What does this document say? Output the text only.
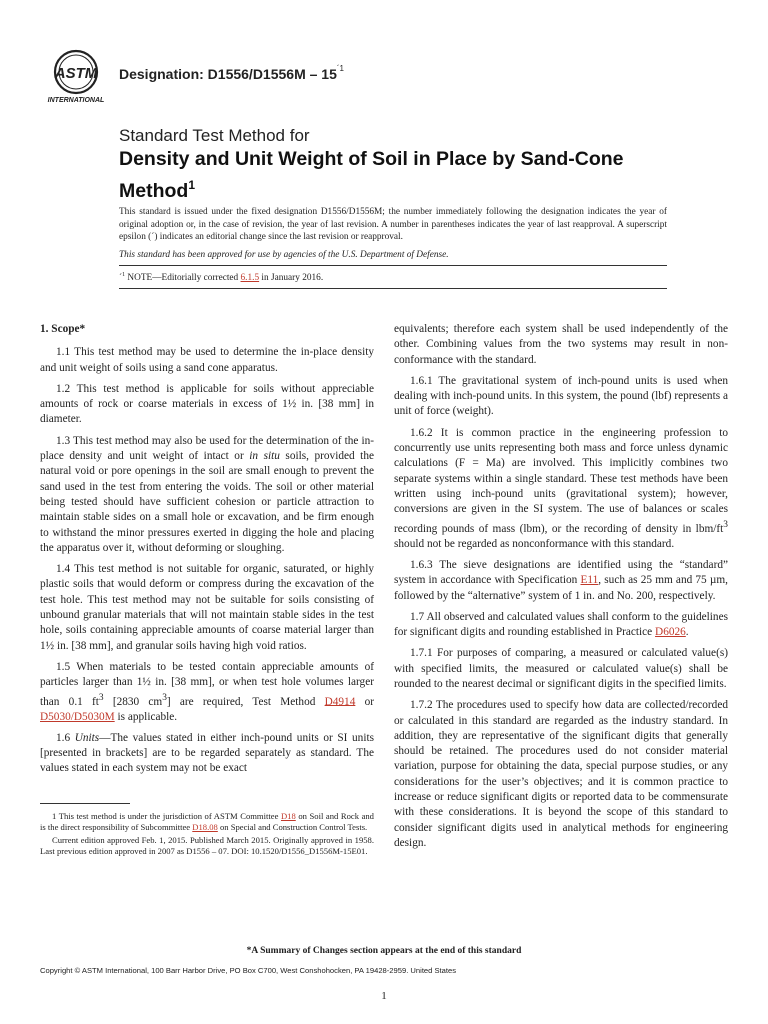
ASTM
INTERNATIONAL
Designation: $D1556/D1556M - 15^{´1}$
Standard Test Method for
Density and Unit Weight of Soil in Place by Sand-Cone Method$^1$
This standard is issued under the fixed designation D1556/D1556M; the number immediately following the designation indicates the year of original adoption or, in the case of revision, the year of last revision. A number in parentheses indicates the year of last reapproval. A superscript epsilon (´) indicates an editorial change since the last revision or reapproval.
This standard has been approved for use by agencies of the U.S. Department of Defense.
´$^1$ NOTE—Editorially corrected 6.1.5 in January 2016.

1. Scope*

1.1 This test method may be used to determine the in-place density and unit weight of soils using a sand cone apparatus.

1.2 This test method is applicable for soils without appreciable amounts of rock or coarse materials in excess of 1½ in. [38 mm] in diameter.

1.3 This test method may also be used for the determination of the in-place density and unit weight of intact or in situ soils, provided the natural void or pore openings in the soil are small enough to prevent the sand used in the test from entering the voids. The soil or other material being tested should have sufficient cohesion or particle attraction to maintain stable sides on a small hole or excavation, and be firm enough to withstand the minor pressures exerted in digging the hole and placing the apparatus over it, without deforming or sloughing.

1.4 This test method is not suitable for organic, saturated, or highly plastic soils that would deform or compress during the excavation of the test hole. This test method may not be suitable for soils consisting of unbound granular materials that will not maintain stable sides in the test hole, soils containing appreciable amounts of coarse material larger than 1½ in. [38 mm], and granular soils having high void ratios.

1.5 When materials to be tested contain appreciable amounts of particles larger than 1½ in. [38 mm], or when test hole volumes larger than 0.1 $ft^3$ [2830 $cm^3$] are required, Test Method D4914 or D5030/D5030M is applicable.

1.6 Units—The values stated in either inch-pound units or SI units [presented in brackets] are to be regarded separately as standard. The values stated in each system may not be exact

1 This test method is under the jurisdiction of ASTM Committee D18 on Soil and Rock and is the direct responsibility of Subcommittee D18.08 on Special and Construction Control Tests.

Current edition approved Feb. 1, 2015. Published March 2015. Originally approved in 1958. Last previous edition approved in 2007 as D1556 – 07. DOI: 10.1520/D1556_D1556M-15E01.

equivalents; therefore each system shall be used independently of the other. Combining values from the two systems may result in non-conformance with the standard.

1.6.1 The gravitational system of inch-pound units is used when dealing with inch-pound units. In this system, the pound (lbf) represents a unit of force (weight).

1.6.2 It is common practice in the engineering profession to concurrently use units representing both mass and force unless dynamic calculations (F = Ma) are involved. This implicitly combines two separate systems within a single standard. These test methods have been written using inch-pound units (gravitational system); however, conversions are given in the SI system. The use of balances or scales recording pounds of mass (lbm), or the recording of density in lbm/$ft^3$ should not be regarded as nonconformance with this standard.

1.6.3 The sieve designations are identified using the “standard” system in accordance with Specification E11, such as 25 mm and 75 µm, followed by the “alternative” system of 1 in. and No. 200, respectively.

1.7 All observed and calculated values shall conform to the guidelines for significant digits and rounding established in Practice D6026.

1.7.1 For purposes of comparing, a measured or calculated value(s) with specified limits, the measured or calculated value(s) shall be rounded to the nearest decimal or significant digits in the specified limits.

1.7.2 The procedures used to specify how data are collected/recorded or calculated in this standard are regarded as the industry standard. In addition, they are representative of the significant digits that generally should be retained. The procedures used do not consider material variation, purpose for obtaining the data, special purpose studies, or any considerations for the user’s objectives; and it is common practice to increase or reduce significant digits or reported data to be commensurate with these considerations. It is beyond the scope of this standard to consider significant digits used in analytical methods for engineering design.

*A Summary of Changes section appears at the end of this standard
Copyright © ASTM International, 100 Barr Harbor Drive, PO Box C700, West Conshohocken, PA 19428-2959. United States
1
